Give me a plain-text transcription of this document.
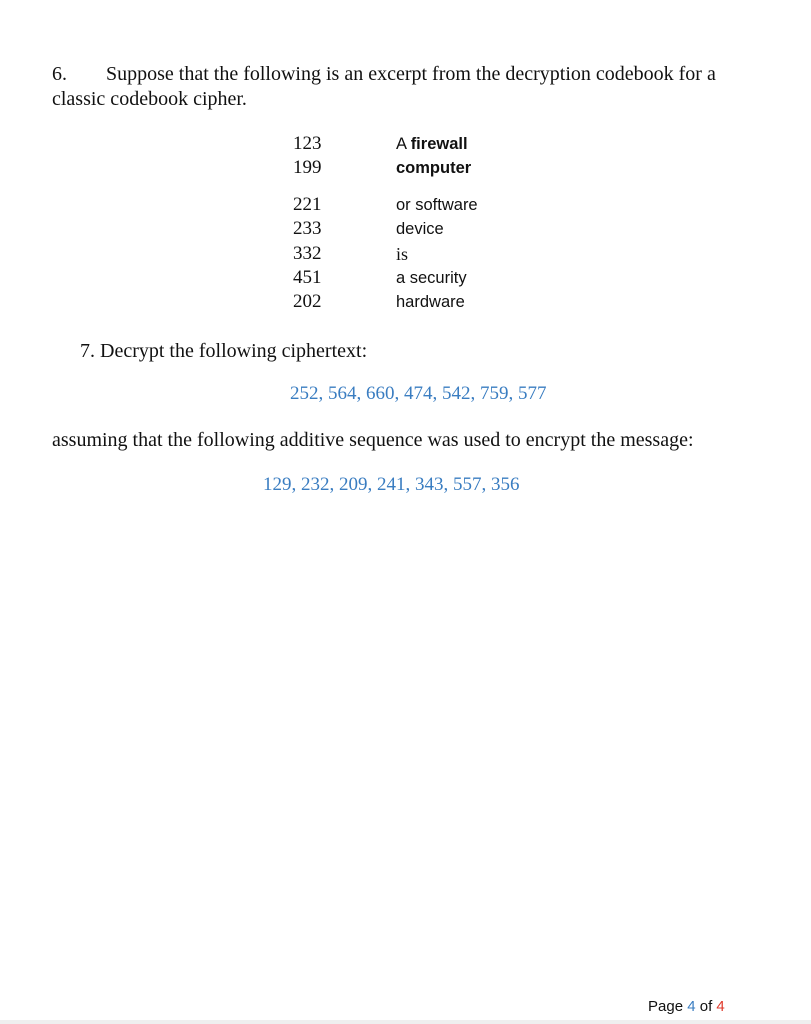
6. Suppose that the following is an excerpt from the decryption codebook for a
classic codebook cipher.
123	A firewall
199	computer
221	or software
233	device
332	is
451	a security
202	hardware
7. Decrypt the following ciphertext:
252, 564, 660, 474, 542, 759, 577
assuming that the following additive sequence was used to encrypt the message:
129, 232, 209, 241, 343, 557, 356
Page 4 of 4
